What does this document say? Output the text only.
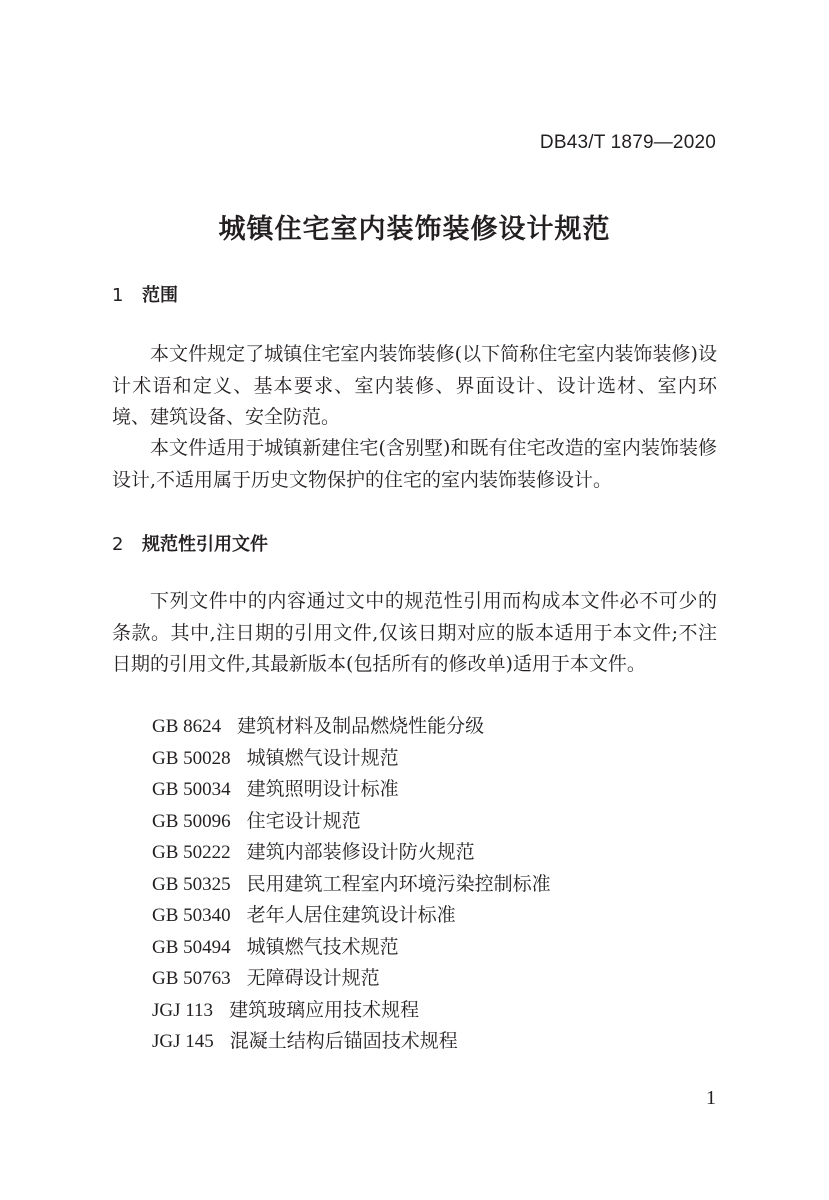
DB43/T 1879—2020
城镇住宅室内装饰装修设计规范
1 范围

本文件规定了城镇住宅室内装饰装修(以下简称住宅室内装饰装修)设计术语和定义、基本要求、室内装修、界面设计、设计选材、室内环境、建筑设备、安全防范。

本文件适用于城镇新建住宅(含别墅)和既有住宅改造的室内装饰装修设计,不适用属于历史文物保护的住宅的室内装饰装修设计。

2 规范性引用文件

下列文件中的内容通过文中的规范性引用而构成本文件必不可少的条款。其中,注日期的引用文件,仅该日期对应的版本适用于本文件;不注日期的引用文件,其最新版本(包括所有的修改单)适用于本文件。

GB 8624 建筑材料及制品燃烧性能分级
GB 50028 城镇燃气设计规范
GB 50034 建筑照明设计标准
GB 50096 住宅设计规范
GB 50222 建筑内部装修设计防火规范
GB 50325 民用建筑工程室内环境污染控制标准
GB 50340 老年人居住建筑设计标准
GB 50494 城镇燃气技术规范
GB 50763 无障碍设计规范
JGJ 113 建筑玻璃应用技术规程
JGJ 145 混凝土结构后锚固技术规程
1
